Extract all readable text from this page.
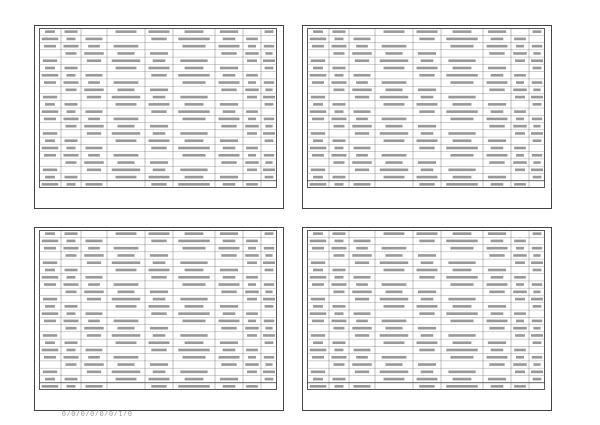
0/1/0/0/0/0/0/0
